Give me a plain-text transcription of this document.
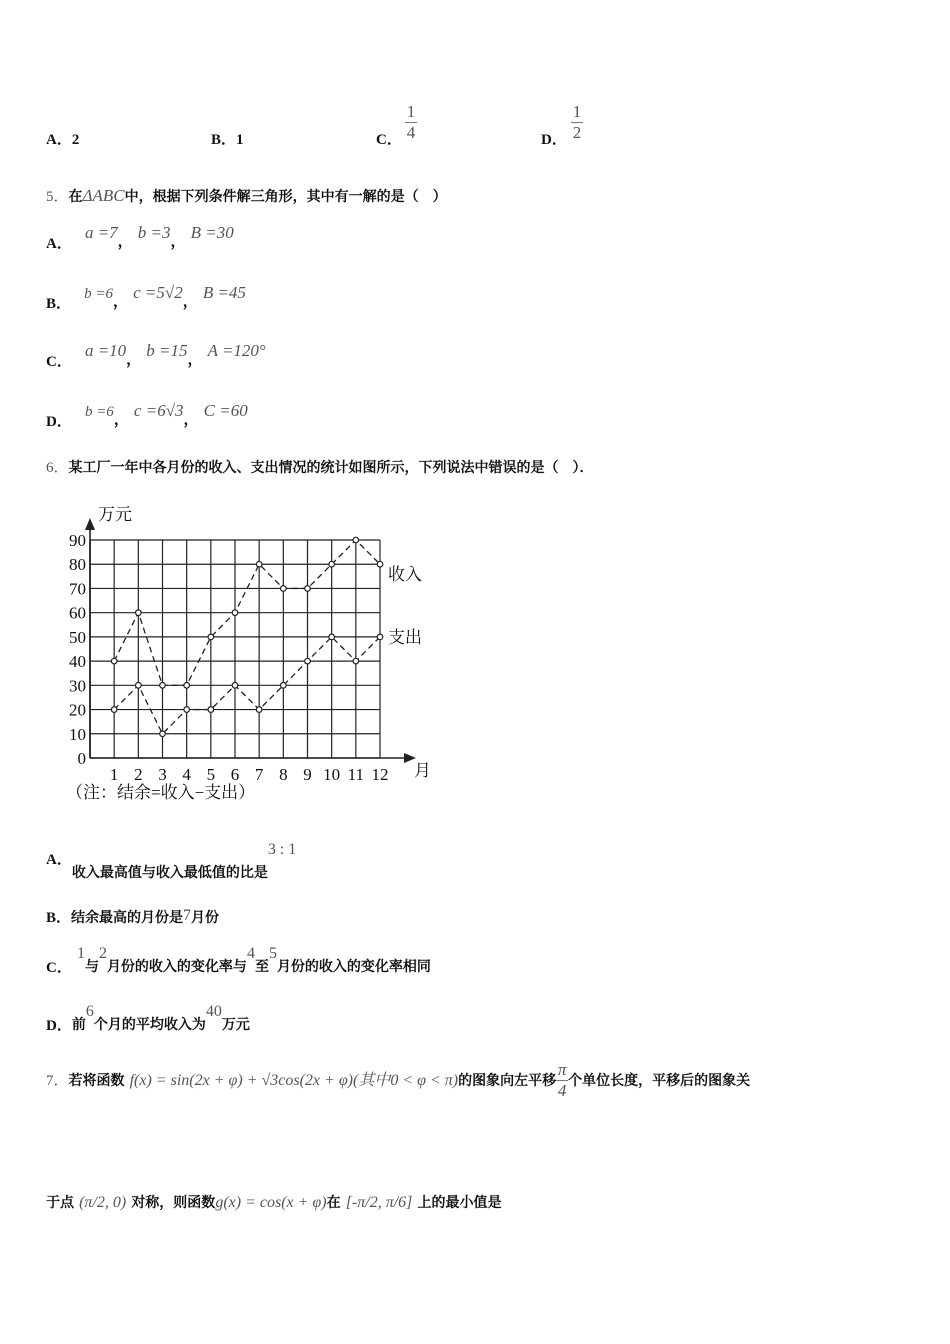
A．2	B．1	C． $\frac{1}{4}$	D． $\frac{1}{2}$
5．在ΔABC中，根据下列条件解三角形，其中有一解的是（　）
A． a =7， b =3， B =30
B． b =6， c =5√2， B =45
C． a =10， b =15， A =120°
D． b =6， c =6√3， C =60
6．某工厂一年中各月份的收入、支出情况的统计如图所示，下列说法中错误的是（　）．
0
10
20
30
40
50
60
70
80
90
1 2 3 4 5 6 7 8 9 10 11 12
万元
月
收入
支出
（注：结余=收入−支出）
A．收入最高值与收入最低值的比是3 : 1
B．结余最高的月份是7月份
C． 1与2月份的收入的变化率与4至5月份的收入的变化率相同
D．前6个月的平均收入为40万元
7．若将函数 f(x) = sin(2x + φ) + √3cos(2x + φ)(其中0 < φ < π)的图象向左平移 $\frac{\pi}{4}$ 个单位长度，平移后的图象关
于点 (π/2, 0) 对称，则函数g(x) = cos(x + φ)在 [-π/2, π/6] 上的最小值是
